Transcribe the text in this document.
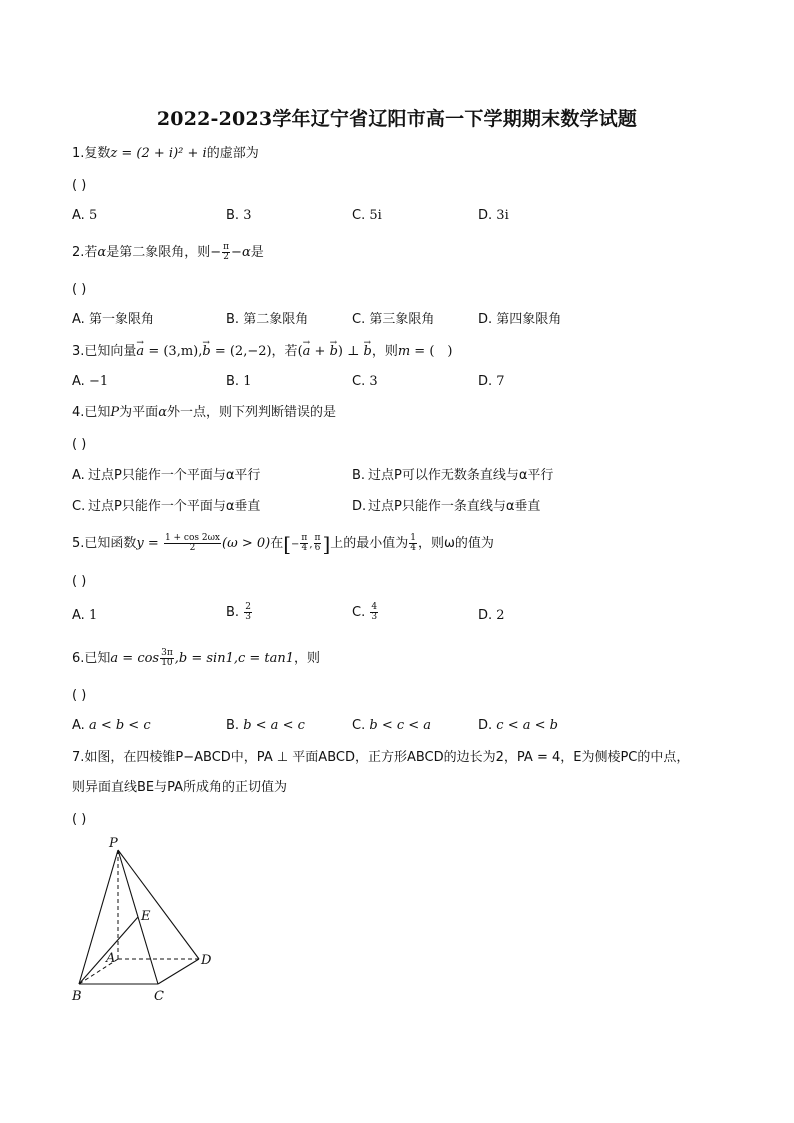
2022-2023学年辽宁省辽阳市高一下学期期末数学试题
1.复数z = (2 + i)² + i的虚部为
( )
A. 5	B. 3	C. 5i	D. 3i
2.若α是第二象限角，则− $\frac{\pi}{2} -\alpha$是
( )
A. 第一象限角	B. 第二象限角	C. 第三象限角	D. 第四象限角
3.已知向量→ a = (3,m),→ b = (2,−2)，若(→ a + → b) ⊥ → b，则m = (　)
A. −1	B. 1	C. 3	D. 7
4.已知P为平面α外一点，则下列判断错误的是
( )
A. 过点P只能作一个平面与α平行	B. 过点P可以作无数条直线与α平行
C. 过点P只能作一个平面与α垂直	D. 过点P只能作一条直线与α垂直
5.已知函数$y = \frac{1 + \cos 2\omega x}{2} (\omega > 0)$在[− $\frac{\pi}{4}$ , $\frac{\pi}{6}$ ]上的最小值为 $\frac{1}{4}$ ，则ω的值为
( )
A. 1	B. $\frac{2}{3}$	C. $\frac{4}{3}$	D. 2
6.已知$a = \cos \frac{3\pi}{10} ,b = \sin 1,c = \tan 1$，则
( )
A. a < b < c	B. b < a < c	C. b < c < a	D. c < a < b
7.如图，在四棱锥P−ABCD中，PA ⊥ 平面ABCD，正方形ABCD的边长为2，PA = 4，E为侧棱PC的中点，
则异面直线BE与PA所成角的正切值为
( )
P
E
A
B	C
D
